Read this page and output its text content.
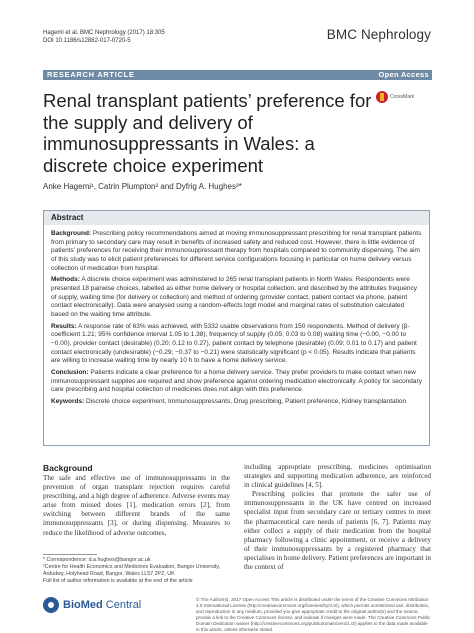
Hagemi et al. BMC Nephrology (2017) 18:305
DOI 10.1186/s12882-017-0720-5	BMC Nephrology
RESEARCH ARTICLE	Open Access
Renal transplant patients’ preference for the supply and delivery of immunosuppressants in Wales: a discrete choice experiment
CrossMark
Anke Hagemi¹, Catrin Plumpton² and Dyfrig A. Hughes²*
Abstract

Background: Prescribing policy recommendations aimed at moving immunosuppressant prescribing for renal transplant patients from primary to secondary care may result in benefits of increased safety and reduced cost. However, there is little evidence of patients’ preferences for receiving their immunosuppressant therapy from hospitals compared to community dispensing. The aim of this study was to elicit patient preferences for different service configurations focusing in particular on home delivery versus collection of medication from hospital.

Methods: A discrete choice experiment was administered to 265 renal transplant patients in North Wales. Respondents were presented 18 pairwise choices, labelled as either home delivery or hospital collection, and described by the attributes frequency of supply, waiting time (for delivery or collection) and method of ordering (provider contact, patient contact via phone, patient contact electronically). Data were analysed using a random-effects logit model and marginal rates of substitution calculated based on the waiting time attribute.

Results: A response rate of 63% was achieved, with 5332 usable observations from 150 respondents. Method of delivery (β-coefficient 1.21; 95% confidence interval 1.05 to 1.38), frequency of supply (0.05; 0.03 to 0.08) waiting time (−0.00, −0.00 to −0.00), provider contact (desirable) (0.20; 0.12 to 0.27), patient contact by telephone (desirable) (0.09; 0.01 to 0.17) and patient contact electronically (undesirable) (−0.29; −0.37 to −0.21) were statistically significant (p < 0.05). Results indicate that patients are willing to increase waiting time by nearly 10 h to have a home delivery service.

Conclusion: Patients indicate a clear preference for a home delivery service. They prefer providers to make contact when new immunosuppressant supplies are required and show preference against ordering medication electronically. A policy for secondary care prescribing and hospital collection of medicines does not align with this preference.

Keywords: Discrete choice experiment, Immunosuppressants, Drug prescribing, Patient preference, Kidney transplantation

Background
The safe and effective use of immunosuppressants in the prevention of organ transplant rejection requires careful prescribing, and a high degree of adherence. Adverse events may arise from missed doses [1], medication errors [2], from switching between different brands of the same immunosuppressants [3], or during dispensing. Measures to reduce the likelihood of adverse outcomes,
including appropriate prescribing, medicines optimisation strategies and supporting medication adherence, are reinforced in clinical guidelines [4, 5].
Prescribing policies that promote the safer use of immunosuppressants in the UK have centred on increased specialist input from secondary care or tertiary centres to meet the pharmaceutical care needs of patients [6, 7]. Patients may either collect a supply of their medication from the hospital pharmacy following a clinic appointment, or receive a delivery of their immunosuppressants by a registered pharmacy that specialises in home delivery. Patient preferences are important in the context of
* Correspondence: d.a.hughes@bangor.ac.uk
²Centre for Health Economics and Medicines Evaluation, Bangor University,
Ardudwy, Holyhead Road, Bangor, Wales LL57 2PZ, UK
Full list of author information is available at the end of the article
BioMed Central	© The Author(s). 2017 Open Access This article is distributed under the terms of the Creative Commons Attribution 4.0 International License (http://creativecommons.org/licenses/by/4.0/), which permits unrestricted use, distribution, and reproduction in any medium, provided you give appropriate credit to the original author(s) and the source, provide a link to the Creative Commons license, and indicate if changes were made. The Creative Commons Public Domain Dedication waiver (http://creativecommons.org/publicdomain/zero/1.0/) applies to the data made available in this article, unless otherwise stated.
